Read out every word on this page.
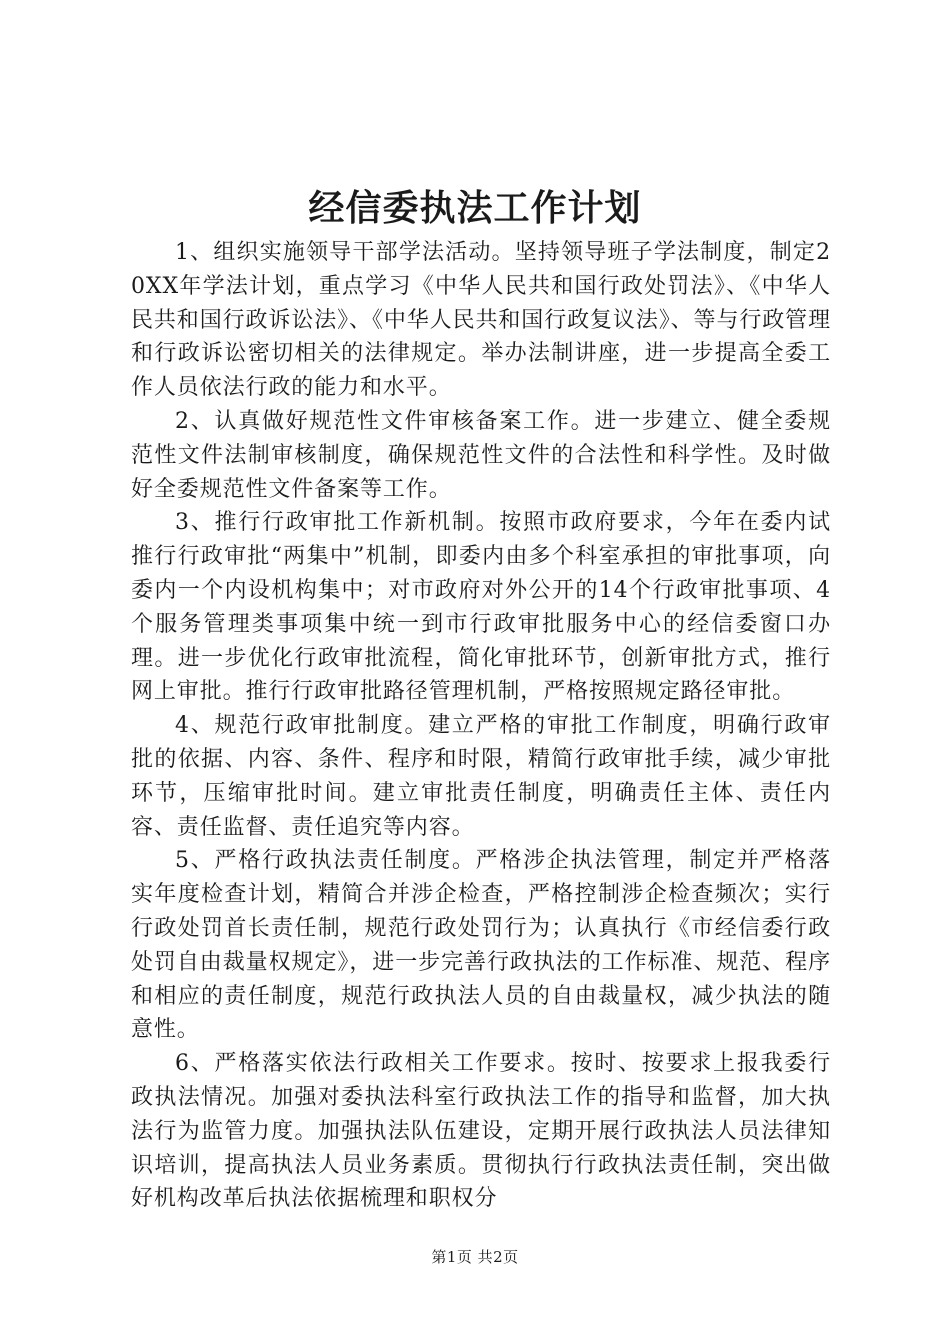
经信委执法工作计划

1、组织实施领导干部学法活动。坚持领导班子学法制度，制定20XX年学法计划，重点学习《中华人民共和国行政处罚法》、《中华人民共和国行政诉讼法》、《中华人民共和国行政复议法》、等与行政管理和行政诉讼密切相关的法律规定。举办法制讲座，进一步提高全委工作人员依法行政的能力和水平。

2、认真做好规范性文件审核备案工作。进一步建立、健全委规范性文件法制审核制度，确保规范性文件的合法性和科学性。及时做好全委规范性文件备案等工作。

3、推行行政审批工作新机制。按照市政府要求，今年在委内试推行行政审批“两集中”机制，即委内由多个科室承担的审批事项，向委内一个内设机构集中；对市政府对外公开的14个行政审批事项、4个服务管理类事项集中统一到市行政审批服务中心的经信委窗口办理。进一步优化行政审批流程，简化审批环节，创新审批方式，推行网上审批。推行行政审批路径管理机制，严格按照规定路径审批。

4、规范行政审批制度。建立严格的审批工作制度，明确行政审批的依据、内容、条件、程序和时限，精简行政审批手续，减少审批环节，压缩审批时间。建立审批责任制度，明确责任主体、责任内容、责任监督、责任追究等内容。

5、严格行政执法责任制度。严格涉企执法管理，制定并严格落实年度检查计划，精简合并涉企检查，严格控制涉企检查频次；实行行政处罚首长责任制，规范行政处罚行为；认真执行《市经信委行政处罚自由裁量权规定》，进一步完善行政执法的工作标准、规范、程序和相应的责任制度，规范行政执法人员的自由裁量权，减少执法的随意性。

6、严格落实依法行政相关工作要求。按时、按要求上报我委行政执法情况。加强对委执法科室行政执法工作的指导和监督，加大执法行为监管力度。加强执法队伍建设，定期开展行政执法人员法律知识培训，提高执法人员业务素质。贯彻执行行政执法责任制，突出做好机构改革后执法依据梳理和职权分

第1页 共2页
